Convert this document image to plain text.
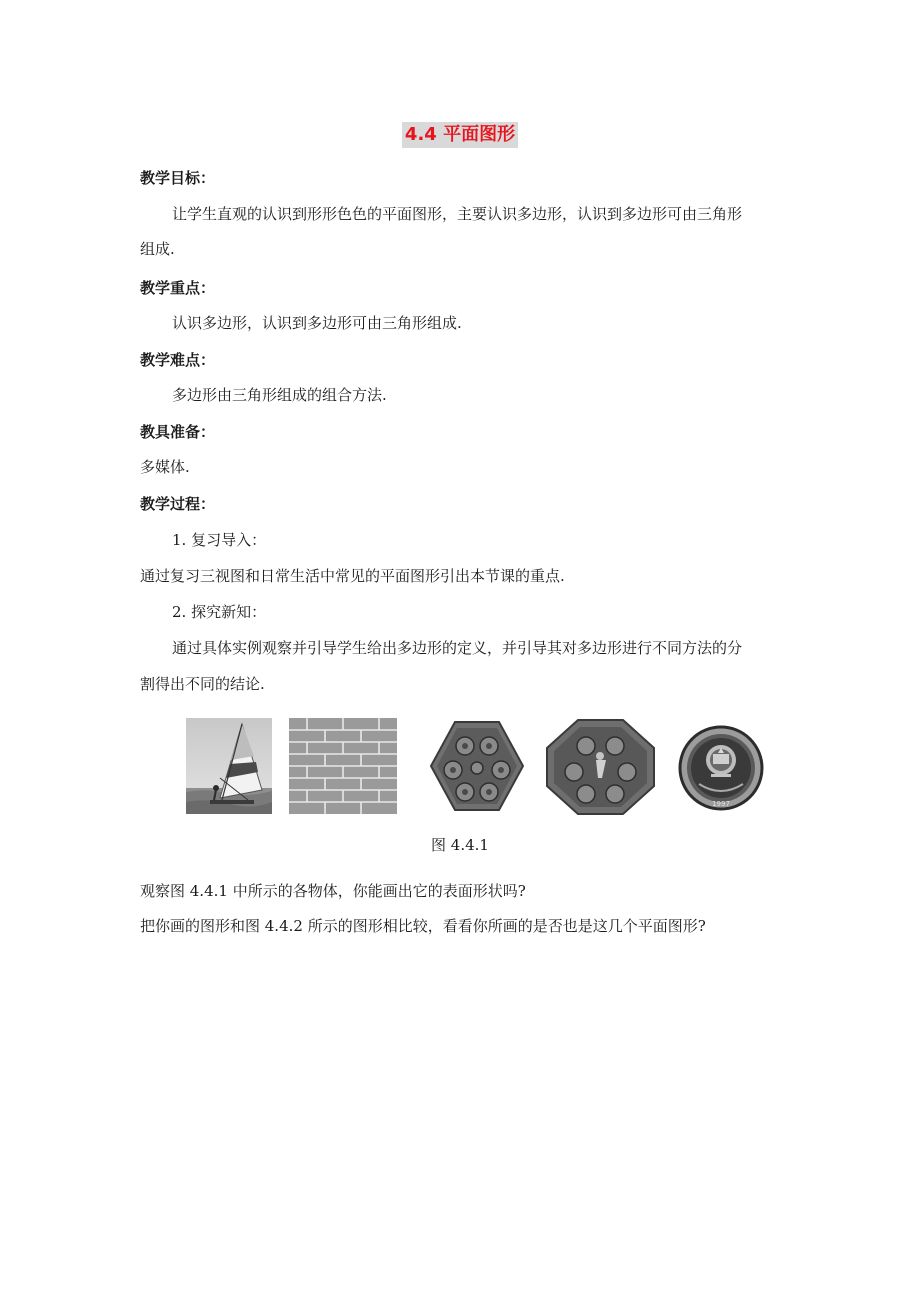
4.4 平面图形
教学目标：
让学生直观的认识到形形色色的平面图形，主要认识多边形，认识到多边形可由三角形
组成.
教学重点：
认识多边形，认识到多边形可由三角形组成.
教学难点：
多边形由三角形组成的组合方法.
教具准备：
多媒体.
教学过程：
1. 复习导入：
通过复习三视图和日常生活中常见的平面图形引出本节课的重点.
2. 探究新知：
通过具体实例观察并引导学生给出多边形的定义，并引导其对多边形进行不同方法的分
割得出不同的结论.
1997
图 4.4.1
观察图 4.4.1 中所示的各物体，你能画出它的表面形状吗?
把你画的图形和图 4.4.2 所示的图形相比较，看看你所画的是否也是这几个平面图形?
